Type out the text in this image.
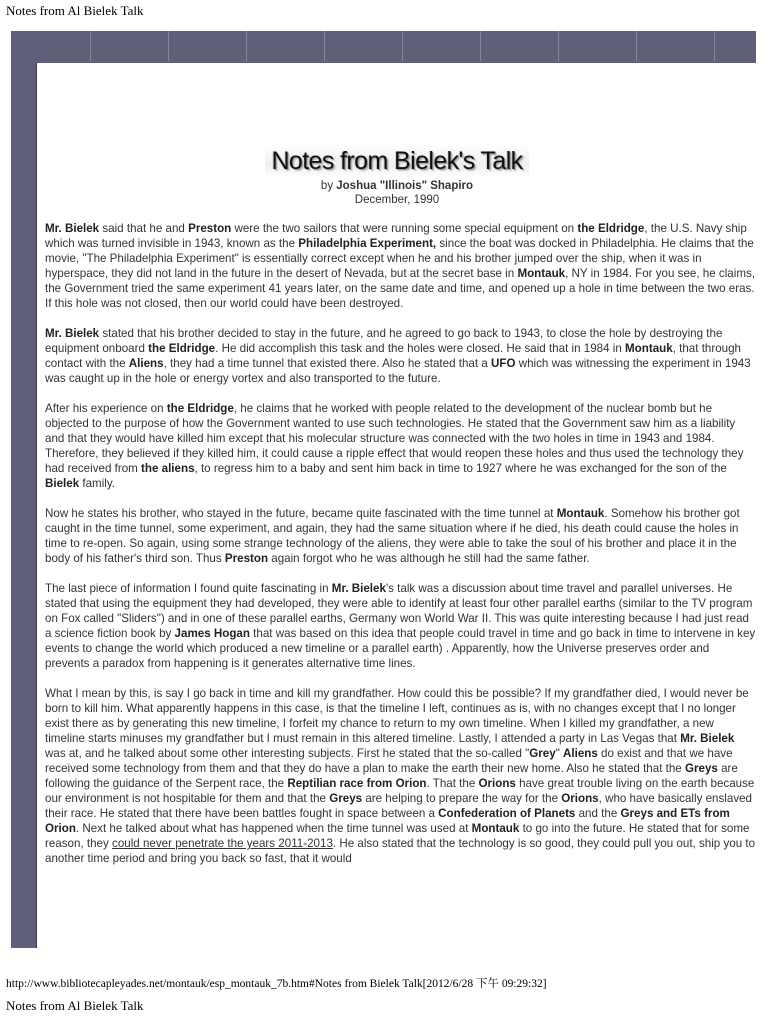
Notes from Al Bielek Talk
Notes from Bielek's Talk
by Joshua "Illinois" Shapiro
December, 1990

Mr. Bielek said that he and Preston were the two sailors that were running some special equipment on the Eldridge, the U.S. Navy ship which was turned invisible in 1943, known as the Philadelphia Experiment, since the boat was docked in Philadelphia. He claims that the movie, "The Philadelphia Experiment" is essentially correct except when he and his brother jumped over the ship, when it was in hyperspace, they did not land in the future in the desert of Nevada, but at the secret base in Montauk, NY in 1984. For you see, he claims, the Government tried the same experiment 41 years later, on the same date and time, and opened up a hole in time between the two eras. If this hole was not closed, then our world could have been destroyed.

Mr. Bielek stated that his brother decided to stay in the future, and he agreed to go back to 1943, to close the hole by destroying the equipment onboard the Eldridge. He did accomplish this task and the holes were closed. He said that in 1984 in Montauk, that through contact with the Aliens, they had a time tunnel that existed there. Also he stated that a UFO which was witnessing the experiment in 1943 was caught up in the hole or energy vortex and also transported to the future.

After his experience on the Eldridge, he claims that he worked with people related to the development of the nuclear bomb but he objected to the purpose of how the Government wanted to use such technologies. He stated that the Government saw him as a liability and that they would have killed him except that his molecular structure was connected with the two holes in time in 1943 and 1984. Therefore, they believed if they killed him, it could cause a ripple effect that would reopen these holes and thus used the technology they had received from the aliens, to regress him to a baby and sent him back in time to 1927 where he was exchanged for the son of the Bielek family.

Now he states his brother, who stayed in the future, became quite fascinated with the time tunnel at Montauk. Somehow his brother got caught in the time tunnel, some experiment, and again, they had the same situation where if he died, his death could cause the holes in time to re-open. So again, using some strange technology of the aliens, they were able to take the soul of his brother and place it in the body of his father's third son. Thus Preston again forgot who he was although he still had the same father.

The last piece of information I found quite fascinating in Mr. Bielek's talk was a discussion about time travel and parallel universes. He stated that using the equipment they had developed, they were able to identify at least four other parallel earths (similar to the TV program on Fox called "Sliders") and in one of these parallel earths, Germany won World War II. This was quite interesting because I had just read a science fiction book by James Hogan that was based on this idea that people could travel in time and go back in time to intervene in key events to change the world which produced a new timeline or a parallel earth) . Apparently, how the Universe preserves order and prevents a paradox from happening is it generates alternative time lines.

What I mean by this, is say I go back in time and kill my grandfather. How could this be possible? If my grandfather died, I would never be born to kill him. What apparently happens in this case, is that the timeline I left, continues as is, with no changes except that I no longer exist there as by generating this new timeline, I forfeit my chance to return to my own timeline. When I killed my grandfather, a new timeline starts minuses my grandfather but I must remain in this altered timeline. Lastly, I attended a party in Las Vegas that Mr. Bielek was at, and he talked about some other interesting subjects. First he stated that the so-called "Grey" Aliens do exist and that we have received some technology from them and that they do have a plan to make the earth their new home. Also he stated that the Greys are following the guidance of the Serpent race, the Reptilian race from Orion. That the Orions have great trouble living on the earth because our environment is not hospitable for them and that the Greys are helping to prepare the way for the Orions, who have basically enslaved their race. He stated that there have been battles fought in space between a Confederation of Planets and the Greys and ETs from Orion. Next he talked about what has happened when the time tunnel was used at Montauk to go into the future. He stated that for some reason, they could never penetrate the years 2011-2013. He also stated that the technology is so good, they could pull you out, ship you to another time period and bring you back so fast, that it would

http://www.bibliotecapleyades.net/montauk/esp_montauk_7b.htm#Notes from Bielek Talk[2012/6/28 下午 09:29:32]
Notes from Al Bielek Talk
